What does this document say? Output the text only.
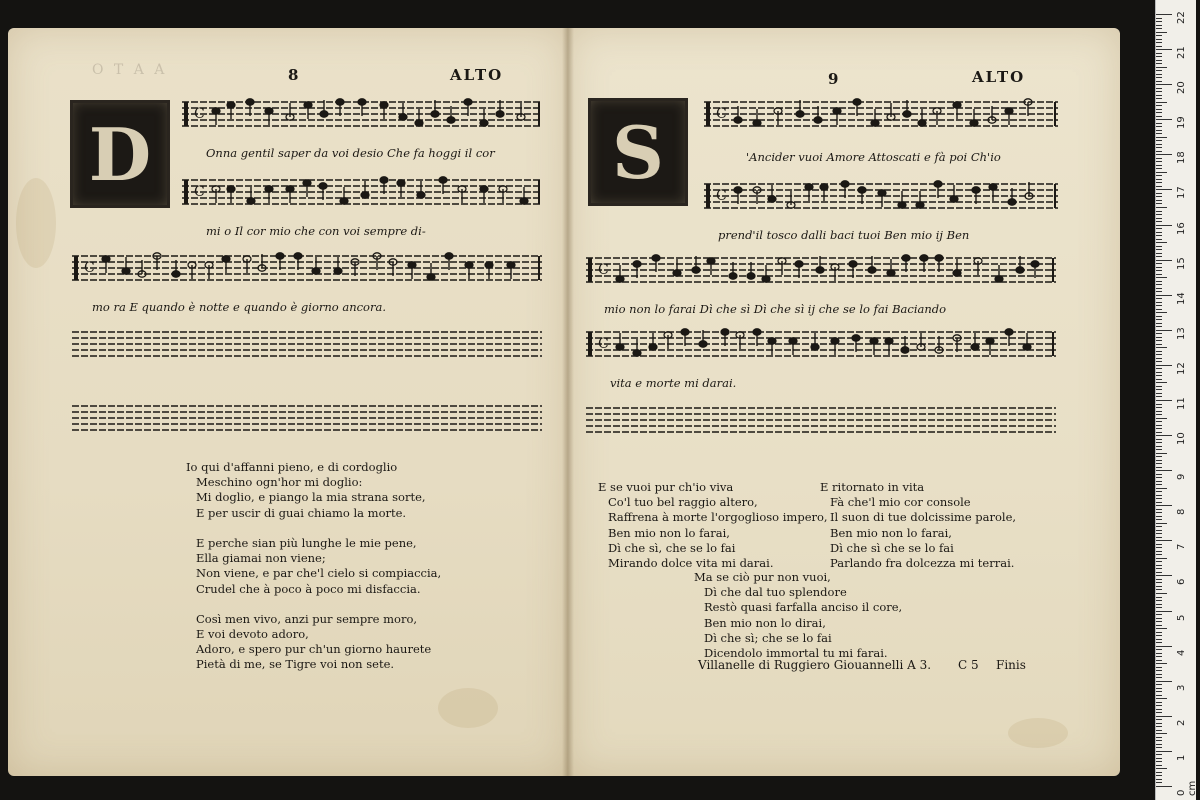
O T A A	8	ALTO
D	C
Onna gentil saper da voi desio Che fa hoggi il cor
C
mi o Il cor mio che con voi sempre di-
C
mo ra E quando è notte e quando è giorno ancora.
Io qui d'affanni pieno, e di cordoglio
Meschino ogn'hor mi doglio:
Mi doglio, e piango la mia strana sorte,
E per uscir di guai chiamo la morte.
E perche sian più lunghe le mie pene,
Ella giamai non viene;
Non viene, e par che'l cielo si compiaccia,
Crudel che à poco à poco mi disfaccia.
Così men vivo, anzi pur sempre moro,
E voi devoto adoro,
Adoro, e spero pur ch'un giorno haurete
Pietà di me, se Tigre voi non sete.
9	ALTO
S	C
'Ancider vuoi Amore Attoscati e fà poi Ch'io
C
prend'il tosco dalli baci tuoi Ben mio ij Ben
C
mio non lo farai Dì che sì Dì che sì ij che se lo fai Baciando
C
vita e morte mi darai.
E se vuoi pur ch'io viva
Co'l tuo bel raggio altero,
Raffrena à morte l'orgoglioso impero,
Ben mio non lo farai,
Dì che sì, che se lo fai
Mirando dolce vita mi darai.
E ritornato in vita
Fà che'l mio cor console
Il suon di tue dolcissime parole,
Ben mio non lo farai,
Dì che sì che se lo fai
Parlando fra dolcezza mi terrai.
Ma se ciò pur non vuoi,
Dì che dal tuo splendore
Restò quasi farfalla anciso il core,
Ben mio non lo dirai,
Dì che sì; che se lo fai
Dicendolo immortal tu mi farai.
Villanelle di Ruggiero Giouannelli A 3. C 5 Finis
22
21
20
19
18
17
16
15
14
13
12
11
10
9
8
7
6
5
4
3
2
1
0 cm
